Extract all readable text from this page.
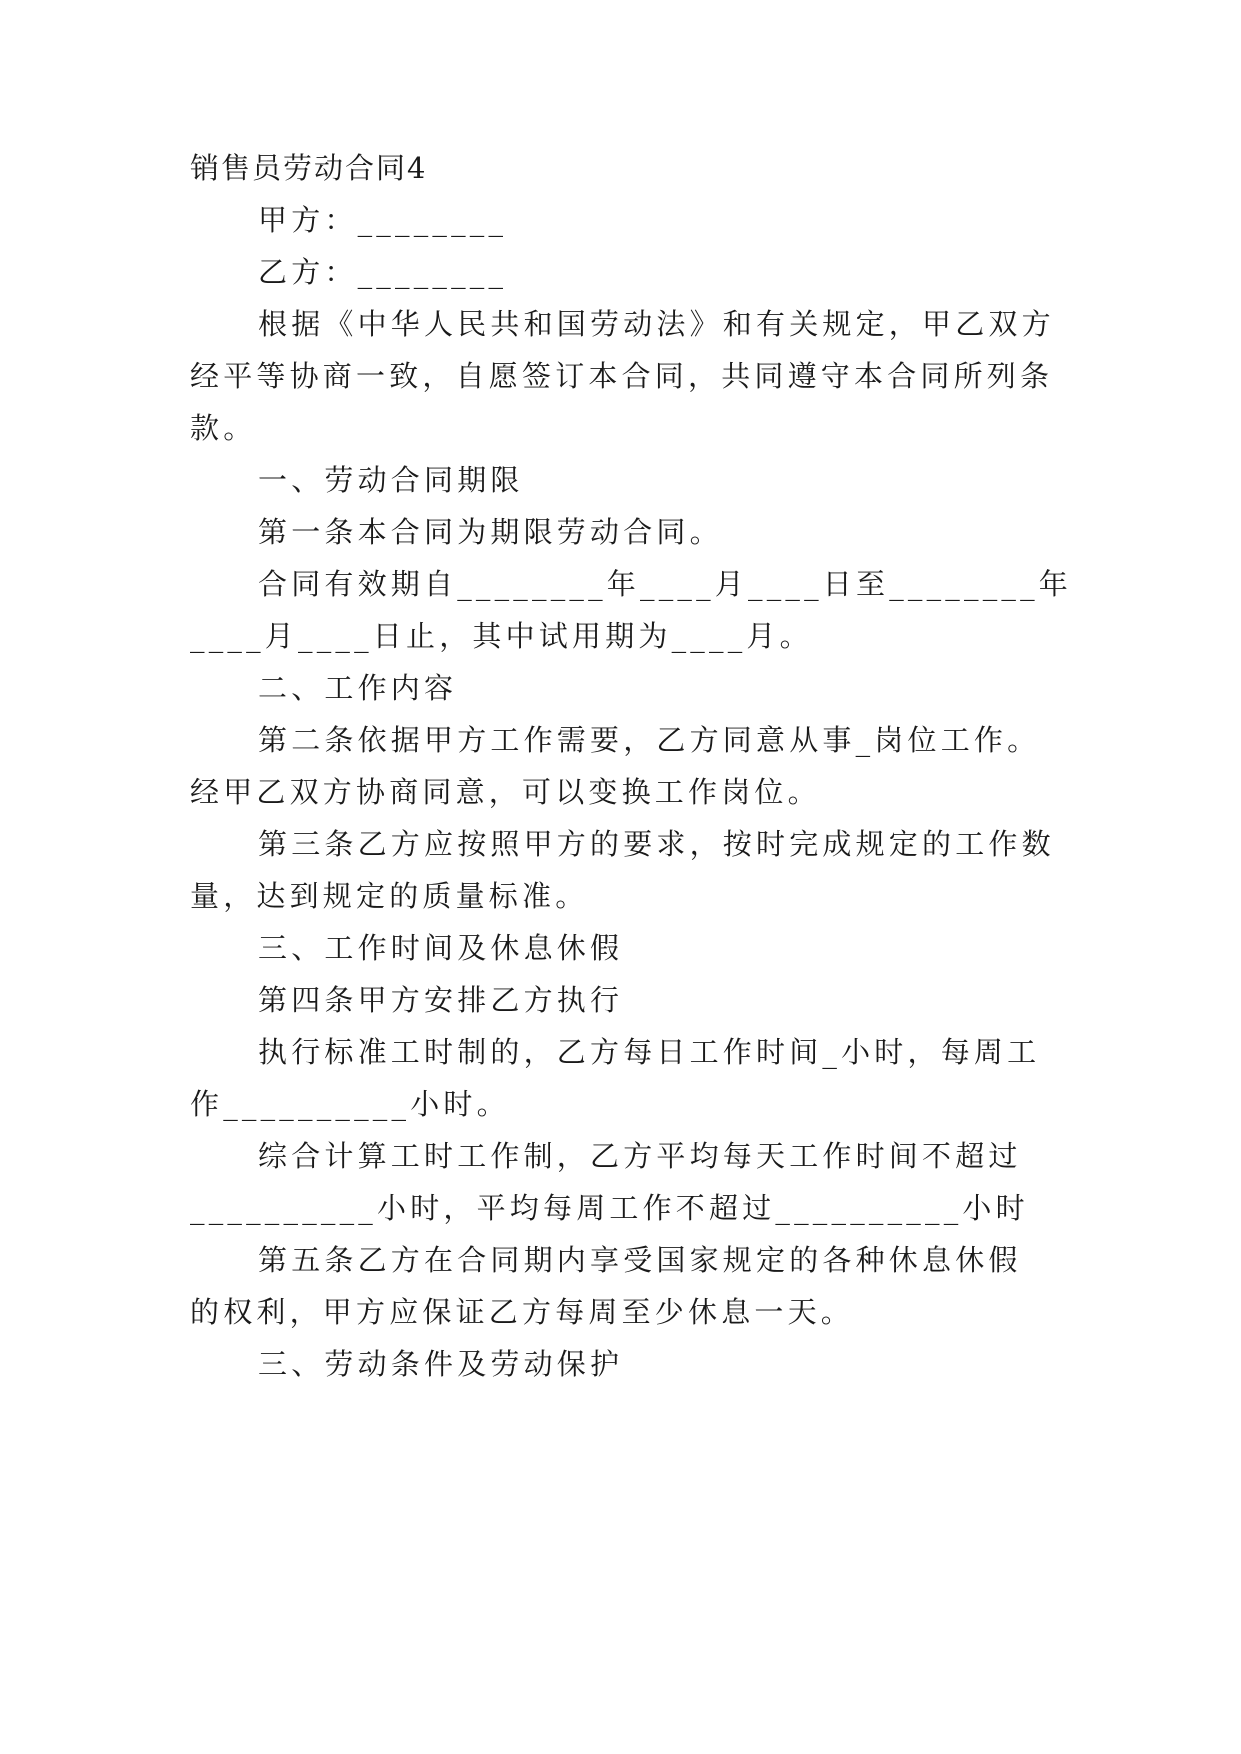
销售员劳动合同4
甲方：________
乙方：________
根据《中华人民共和国劳动法》和有关规定，甲乙双方
经平等协商一致，自愿签订本合同，共同遵守本合同所列条
款。
一、劳动合同期限
第一条本合同为期限劳动合同。
合同有效期自________年____月____日至________年
____月____日止，其中试用期为____月。
二、工作内容
第二条依据甲方工作需要，乙方同意从事_岗位工作。
经甲乙双方协商同意，可以变换工作岗位。
第三条乙方应按照甲方的要求，按时完成规定的工作数
量，达到规定的质量标准。
三、工作时间及休息休假
第四条甲方安排乙方执行
执行标准工时制的，乙方每日工作时间_小时，每周工
作__________小时。
综合计算工时工作制，乙方平均每天工作时间不超过
__________小时，平均每周工作不超过__________小时
第五条乙方在合同期内享受国家规定的各种休息休假
的权利，甲方应保证乙方每周至少休息一天。
三、劳动条件及劳动保护
